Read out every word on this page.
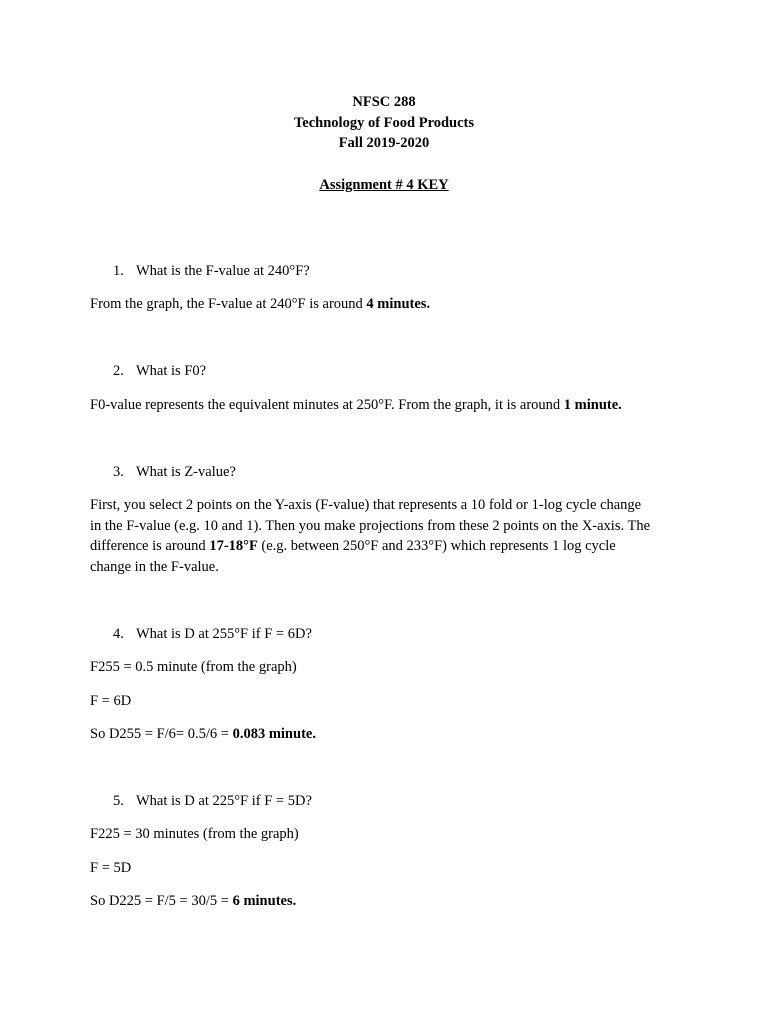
NFSC 288
Technology of Food Products
Fall 2019-2020
Assignment # 4 KEY
1. What is the F-value at 240°F?
From the graph, the F-value at 240°F is around 4 minutes.
2. What is F0?
F0-value represents the equivalent minutes at 250°F. From the graph, it is around 1 minute.
3. What is Z-value?
First, you select 2 points on the Y-axis (F-value) that represents a 10 fold or 1-log cycle change
in the F-value (e.g. 10 and 1). Then you make projections from these 2 points on the X-axis. The
difference is around 17-18°F (e.g. between 250°F and 233°F) which represents 1 log cycle
change in the F-value.
4. What is D at 255°F if F = 6D?
F255 = 0.5 minute (from the graph)
F = 6D
So D255 = F/6= 0.5/6 = 0.083 minute.
5. What is D at 225°F if F = 5D?
F225 = 30 minutes (from the graph)
F = 5D
So D225 = F/5 = 30/5 = 6 minutes.
